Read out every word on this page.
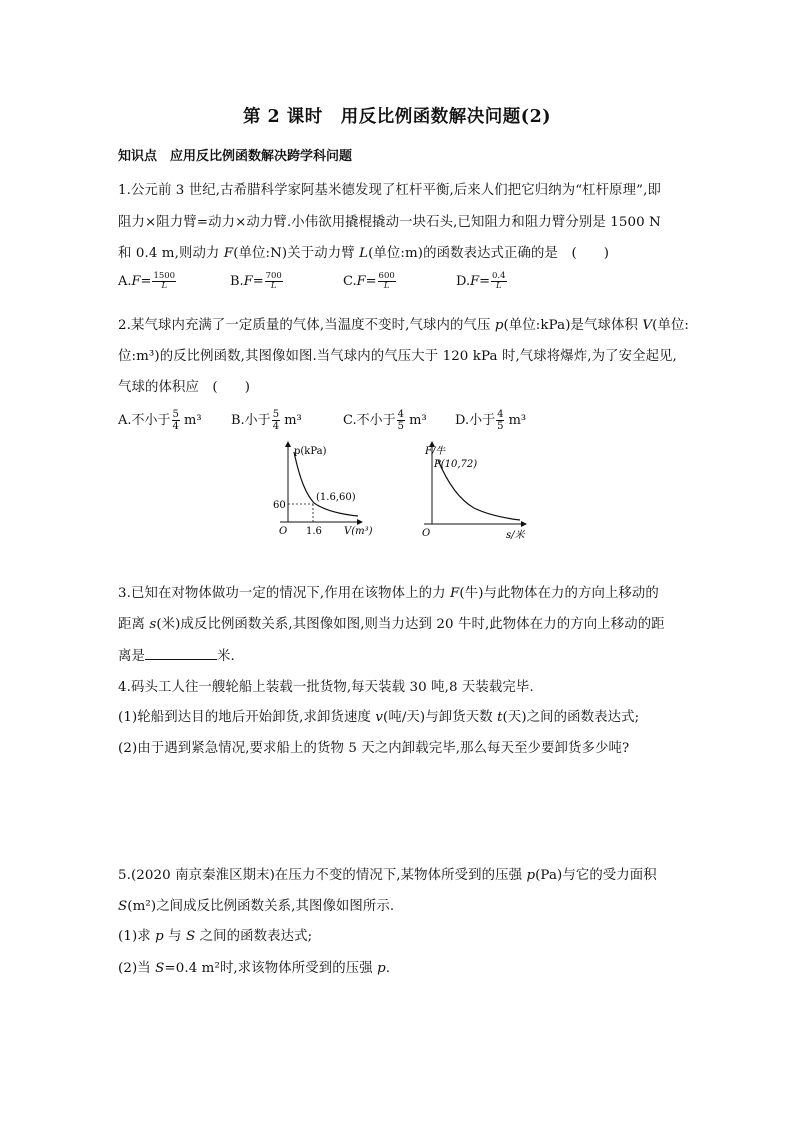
第 2 课时　用反比例函数解决问题(2)
知识点　应用反比例函数解决跨学科问题
1.公元前 3 世纪,古希腊科学家阿基米德发现了杠杆平衡,后来人们把它归纳为“杠杆原理”,即
阻力×阻力臂=动力×动力臂.小伟欲用撬棍撬动一块石头,已知阻力和阻力臂分别是 1500 N
和 0.4 m,则动力 F(单位:N)关于动力臂 L(单位:m)的函数表达式正确的是　(　　)
$A.F= \frac{1500}{L}$	$B.F= \frac{700}{L}$	$C.F= \frac{600}{L}$	$D.F= \frac{0.4}{L}$
2.某气球内充满了一定质量的气体,当温度不变时,气球内的气压 p(单位:kPa)是气球体积 V(单位:
位:m³)的反比例函数,其图像如图.当气球内的气压大于 120 kPa 时,气球将爆炸,为了安全起见,
气球的体积应　(　　)
A.不小于 $\frac{5}{4} m^3$ B.小于 $\frac{5}{4} m^3$	C.不小于 $\frac{4}{5} m^3$ D.小于 $\frac{4}{5} m^3$
p(kPa)
V(m³)
O
60
1.6
(1.6,60)
F/牛
P(10,72)
O	s/米
3.已知在对物体做功一定的情况下,作用在该物体上的力 F(牛)与此物体在力的方向上移动的
距离 s(米)成反比例函数关系,其图像如图,则当力达到 20 牛时,此物体在力的方向上移动的距
离是	米.
4.码头工人往一艘轮船上装载一批货物,每天装载 30 吨,8 天装载完毕.
(1)轮船到达目的地后开始卸货,求卸货速度 v(吨/天)与卸货天数 t(天)之间的函数表达式;
(2)由于遇到紧急情况,要求船上的货物 5 天之内卸载完毕,那么每天至少要卸货多少吨?
5.(2020 南京秦淮区期末)在压力不变的情况下,某物体所受到的压强 p(Pa)与它的受力面积
S(m²)之间成反比例函数关系,其图像如图所示.
(1)求 p 与 S 之间的函数表达式;
(2)当 S=0.4 m²时,求该物体所受到的压强 p.
